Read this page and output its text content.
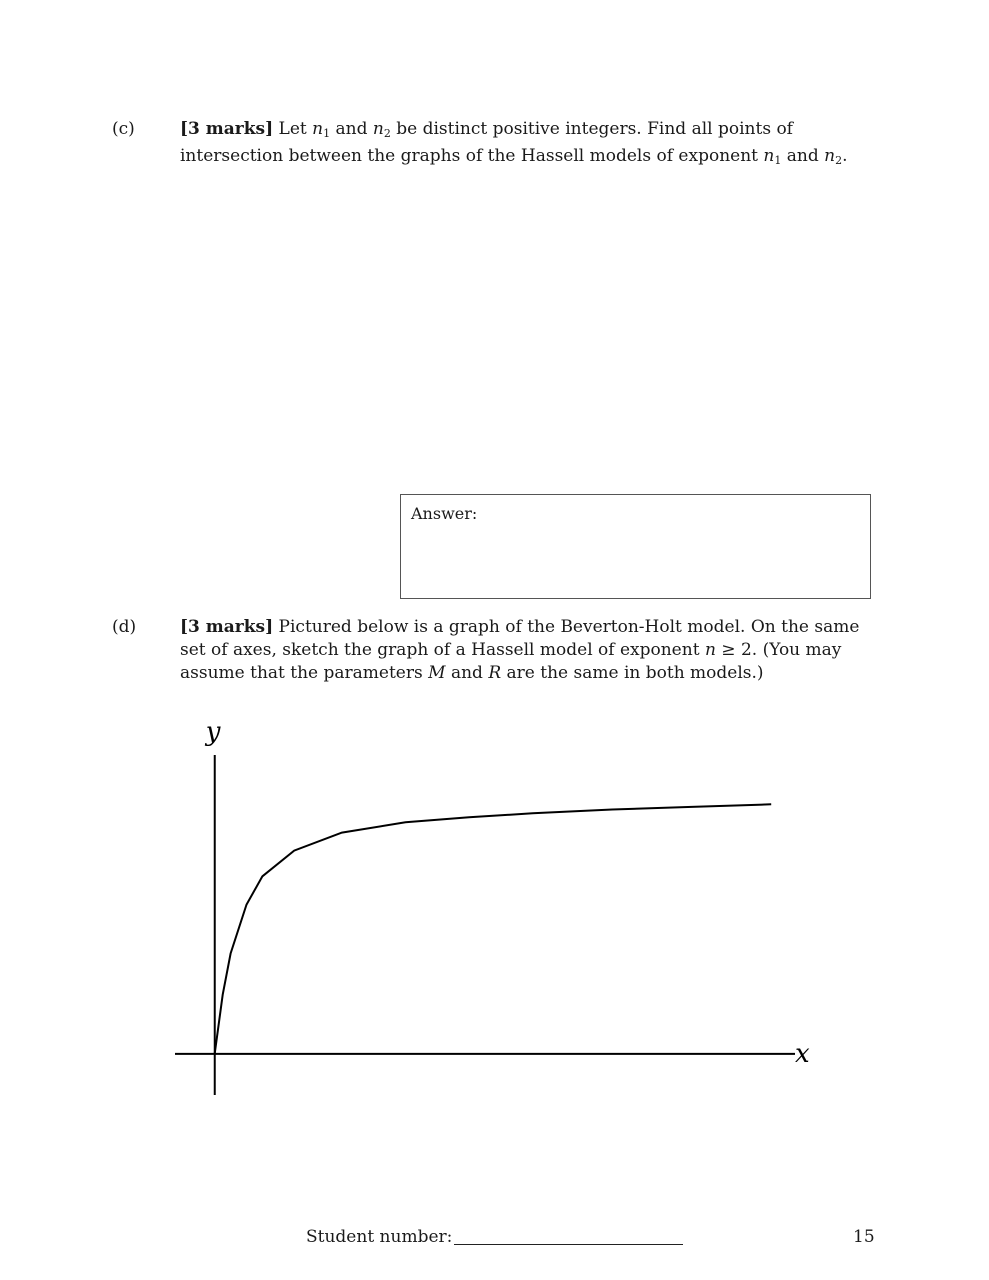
(c)	[3 marks] Let $n_1$ and $n_2$ be distinct positive integers. Find all points of intersection between the graphs of the Hassell models of exponent $n_1$ and $n_2$.
Answer:
(d)	[3 marks] Pictured below is a graph of the Beverton-Holt model. On the same set of axes, sketch the graph of a Hassell model of exponent n ≥ 2. (You may assume that the parameters M and R are the same in both models.)
x
y
Student number:	15
